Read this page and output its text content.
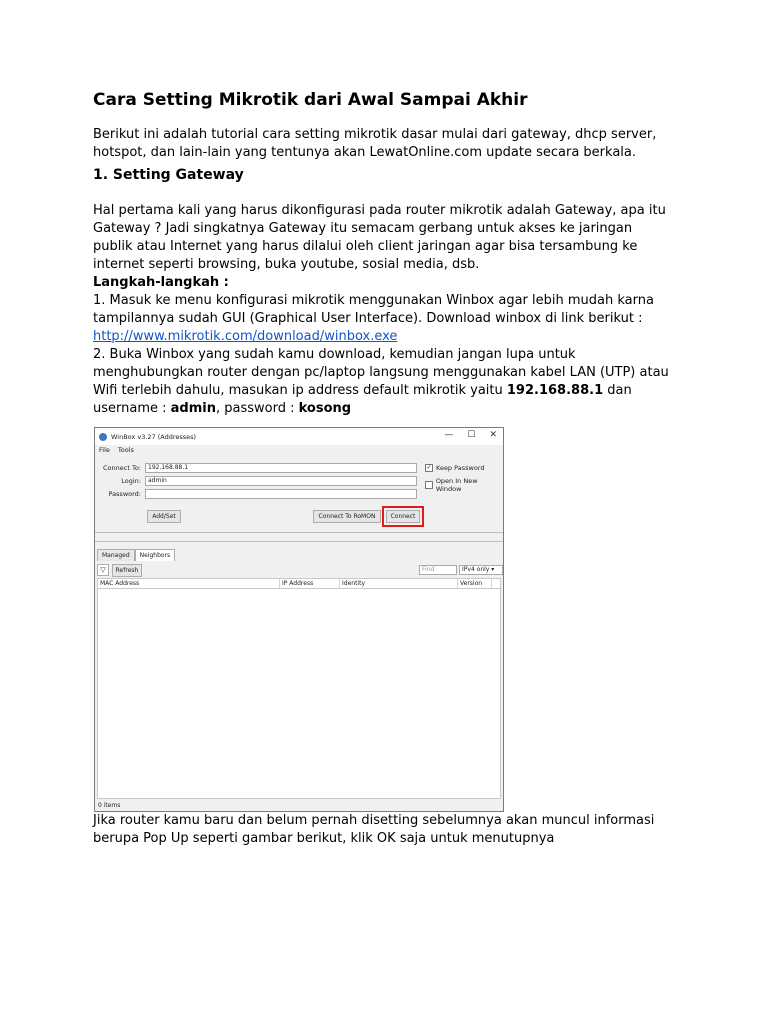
Cara Setting Mikrotik dari Awal Sampai Akhir

Berikut ini adalah tutorial cara setting mikrotik dasar mulai dari gateway, dhcp server, hotspot, dan lain-lain yang tentunya akan LewatOnline.com update secara berkala.

1. Setting Gateway

Hal pertama kali yang harus dikonfigurasi pada router mikrotik adalah Gateway, apa itu Gateway ? Jadi singkatnya Gateway itu semacam gerbang untuk akses ke jaringan publik atau Internet yang harus dilalui oleh client jaringan agar bisa tersambung ke internet seperti browsing, buka youtube, sosial media, dsb.

Langkah-langkah :

1. Masuk ke menu konfigurasi mikrotik menggunakan Winbox agar lebih mudah karna tampilannya sudah GUI (Graphical User Interface). Download winbox di link berikut : http://www.mikrotik.com/download/winbox.exe

2. Buka Winbox yang sudah kamu download, kemudian jangan lupa untuk menghubungkan router dengan pc/laptop langsung menggunakan kabel LAN (UTP) atau Wifi terlebih dahulu, masukan ip address default mikrotik yaitu 192.168.88.1 dan username : admin, password : kosong

WinBox v3.27 (Addresses)	— ☐ ✕
File Tools
Connect To:	192.168.88.1
Login:	admin
Password:
✓ Keep Password
Open In New Window
Add/Set	Connect To RoMON	Connect
Managed	Neighbors
▽	Refresh	Find	IPv4 only ▾
MAC Address	IP Address	Identity	Version
0 items

Jika router kamu baru dan belum pernah disetting sebelumnya akan muncul informasi berupa Pop Up seperti gambar berikut, klik OK saja untuk menutupnya
